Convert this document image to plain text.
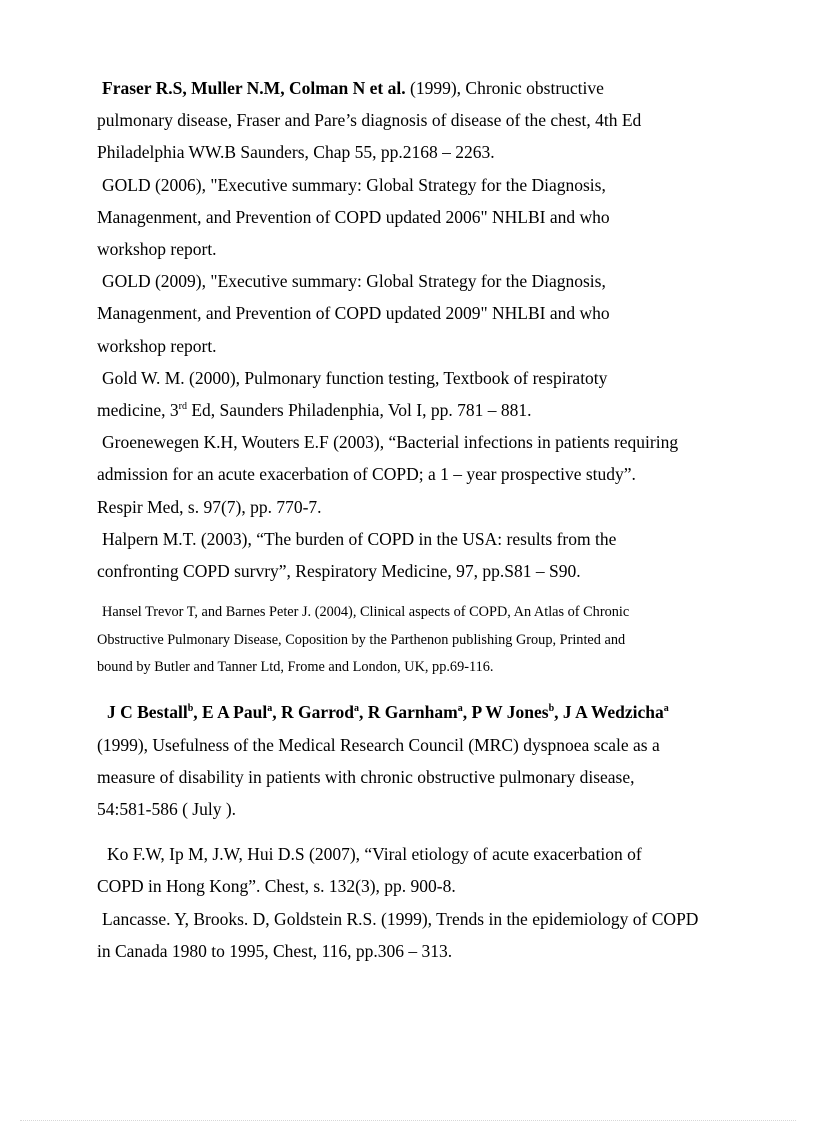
Fraser R.S, Muller N.M, Colman N et al. (1999), Chronic obstructive
pulmonary disease, Fraser and Pare’s diagnosis of disease of the chest, 4th Ed
Philadelphia WW.B Saunders, Chap 55, pp.2168 – 2263.

GOLD (2006), "Executive summary: Global Strategy for the Diagnosis,
Managenment, and Prevention of COPD updated 2006" NHLBI and who
workshop report.

GOLD (2009), "Executive summary: Global Strategy for the Diagnosis,
Managenment, and Prevention of COPD updated 2009" NHLBI and who
workshop report.

Gold W. M. (2000), Pulmonary function testing, Textbook of respiratoty
medicine, 3rd Ed, Saunders Philadenphia, Vol I, pp. 781 – 881.

Groenewegen K.H, Wouters E.F (2003), “Bacterial infections in patients requiring
admission for an acute exacerbation of COPD; a 1 – year prospective study”.
Respir Med, s. 97(7), pp. 770-7.

Halpern M.T. (2003), “The burden of COPD in the USA: results from the
confronting COPD survry”, Respiratory Medicine, 97, pp.S81 – S90.

Hansel Trevor T, and Barnes Peter J. (2004), Clinical aspects of COPD, An Atlas of Chronic
Obstructive Pulmonary Disease, Coposition by the Parthenon publishing Group, Printed and
bound by Butler and Tanner Ltd, Frome and London, UK, pp.69-116.

J C Bestall$^b$, E A Paul$^a$, R Garrod$^a$, R Garnham$^a$, P W Jones$^b$, J A Wedzicha$^a$
(1999), Usefulness of the Medical Research Council (MRC) dyspnoea scale as a
measure of disability in patients with chronic obstructive pulmonary disease,
54:581-586 ( July ).

Ko F.W, Ip M, J.W, Hui D.S (2007), “Viral etiology of acute exacerbation of
COPD in Hong Kong”. Chest, s. 132(3), pp. 900-8.

Lancasse. Y, Brooks. D, Goldstein R.S. (1999), Trends in the epidemiology of COPD
in Canada 1980 to 1995, Chest, 116, pp.306 – 313.
